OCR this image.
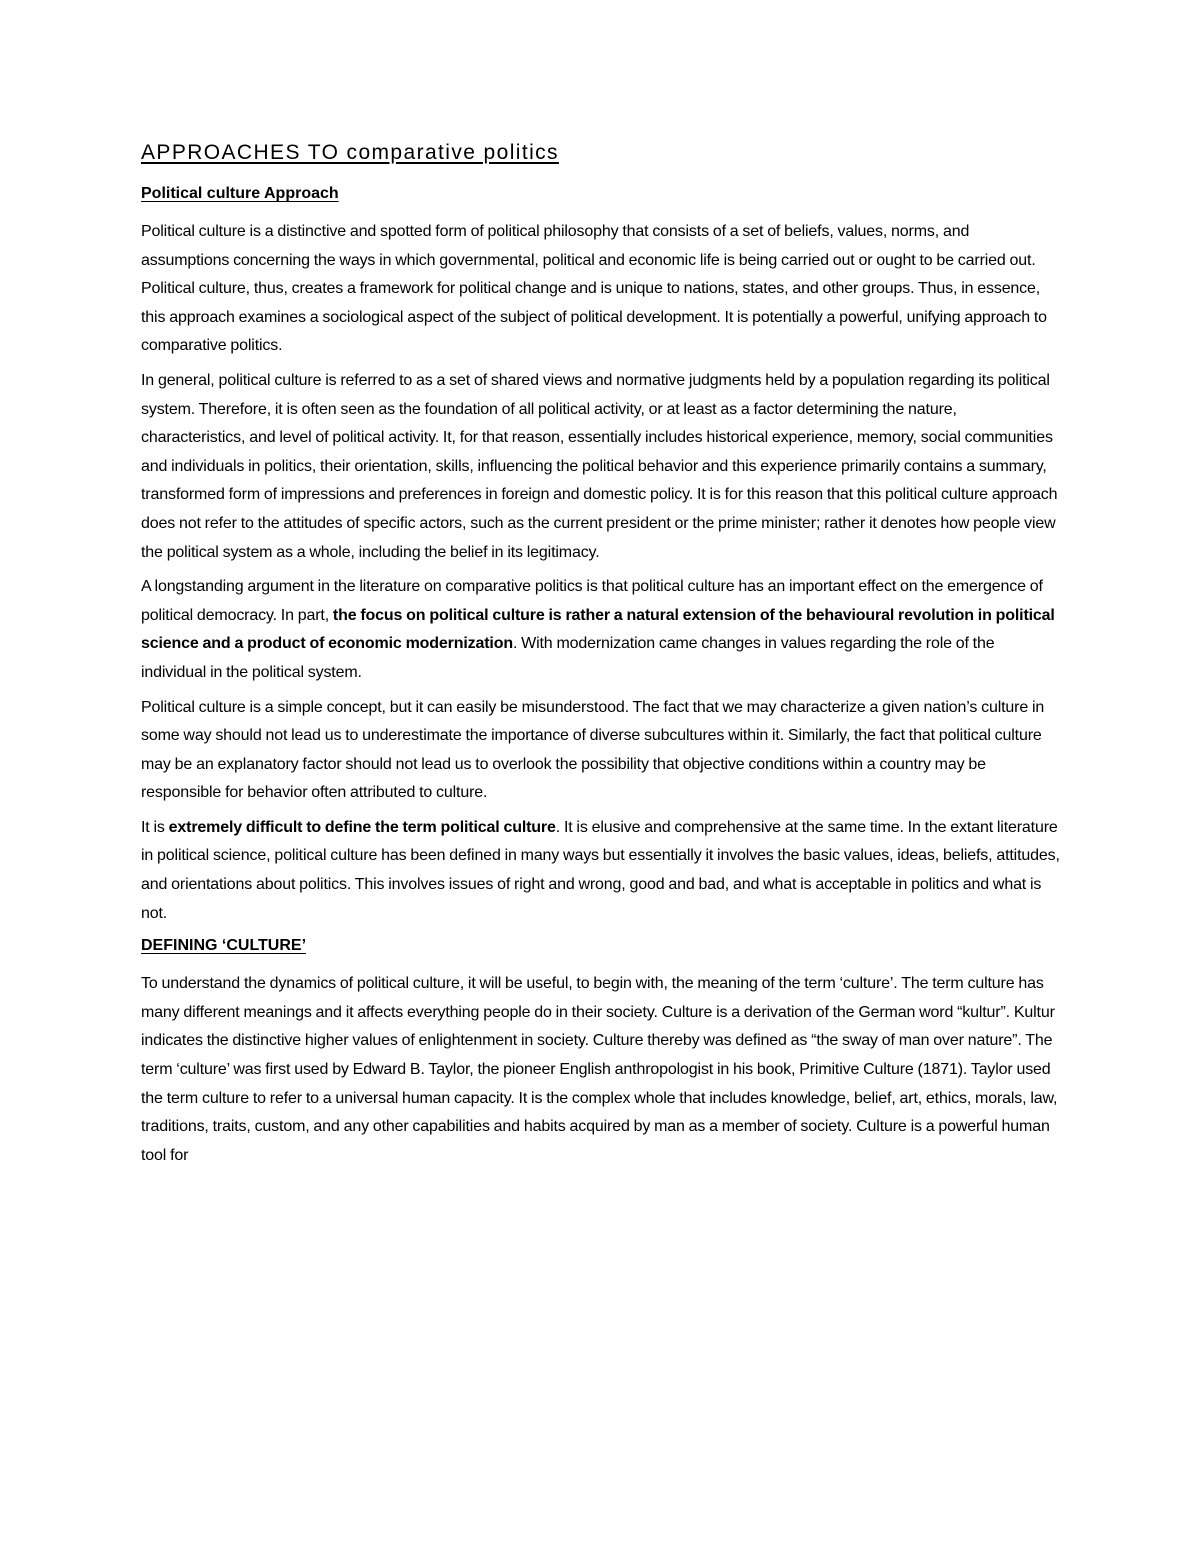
APPROACHES TO comparative politics
Political culture Approach

Political culture is a distinctive and spotted form of political philosophy that consists of a set of beliefs, values, norms, and assumptions concerning the ways in which governmental, political and economic life is being carried out or ought to be carried out. Political culture, thus, creates a framework for political change and is unique to nations, states, and other groups. Thus, in essence, this approach examines a sociological aspect of the subject of political development. It is potentially a powerful, unifying approach to comparative politics.

In general, political culture is referred to as a set of shared views and normative judgments held by a population regarding its political system. Therefore, it is often seen as the foundation of all political activity, or at least as a factor determining the nature, characteristics, and level of political activity. It, for that reason, essentially includes historical experience, memory, social communities and individuals in politics, their orientation, skills, influencing the political behavior and this experience primarily contains a summary, transformed form of impressions and preferences in foreign and domestic policy. It is for this reason that this political culture approach does not refer to the attitudes of specific actors, such as the current president or the prime minister; rather it denotes how people view the political system as a whole, including the belief in its legitimacy.

A longstanding argument in the literature on comparative politics is that political culture has an important effect on the emergence of political democracy. In part, the focus on political culture is rather a natural extension of the behavioural revolution in political science and a product of economic modernization. With modernization came changes in values regarding the role of the individual in the political system.

Political culture is a simple concept, but it can easily be misunderstood. The fact that we may characterize a given nation’s culture in some way should not lead us to underestimate the importance of diverse subcultures within it. Similarly, the fact that political culture may be an explanatory factor should not lead us to overlook the possibility that objective conditions within a country may be responsible for behavior often attributed to culture.

It is extremely difficult to define the term political culture. It is elusive and comprehensive at the same time. In the extant literature in political science, political culture has been defined in many ways but essentially it involves the basic values, ideas, beliefs, attitudes, and orientations about politics. This involves issues of right and wrong, good and bad, and what is acceptable in politics and what is not.

DEFINING ‘CULTURE’

To understand the dynamics of political culture, it will be useful, to begin with, the meaning of the term ‘culture’. The term culture has many different meanings and it affects everything people do in their society. Culture is a derivation of the German word “kultur”. Kultur indicates the distinctive higher values of enlightenment in society. Culture thereby was defined as “the sway of man over nature”. The term ‘culture’ was first used by Edward B. Taylor, the pioneer English anthropologist in his book, Primitive Culture (1871). Taylor used the term culture to refer to a universal human capacity. It is the complex whole that includes knowledge, belief, art, ethics, morals, law, traditions, traits, custom, and any other capabilities and habits acquired by man as a member of society. Culture is a powerful human tool for
